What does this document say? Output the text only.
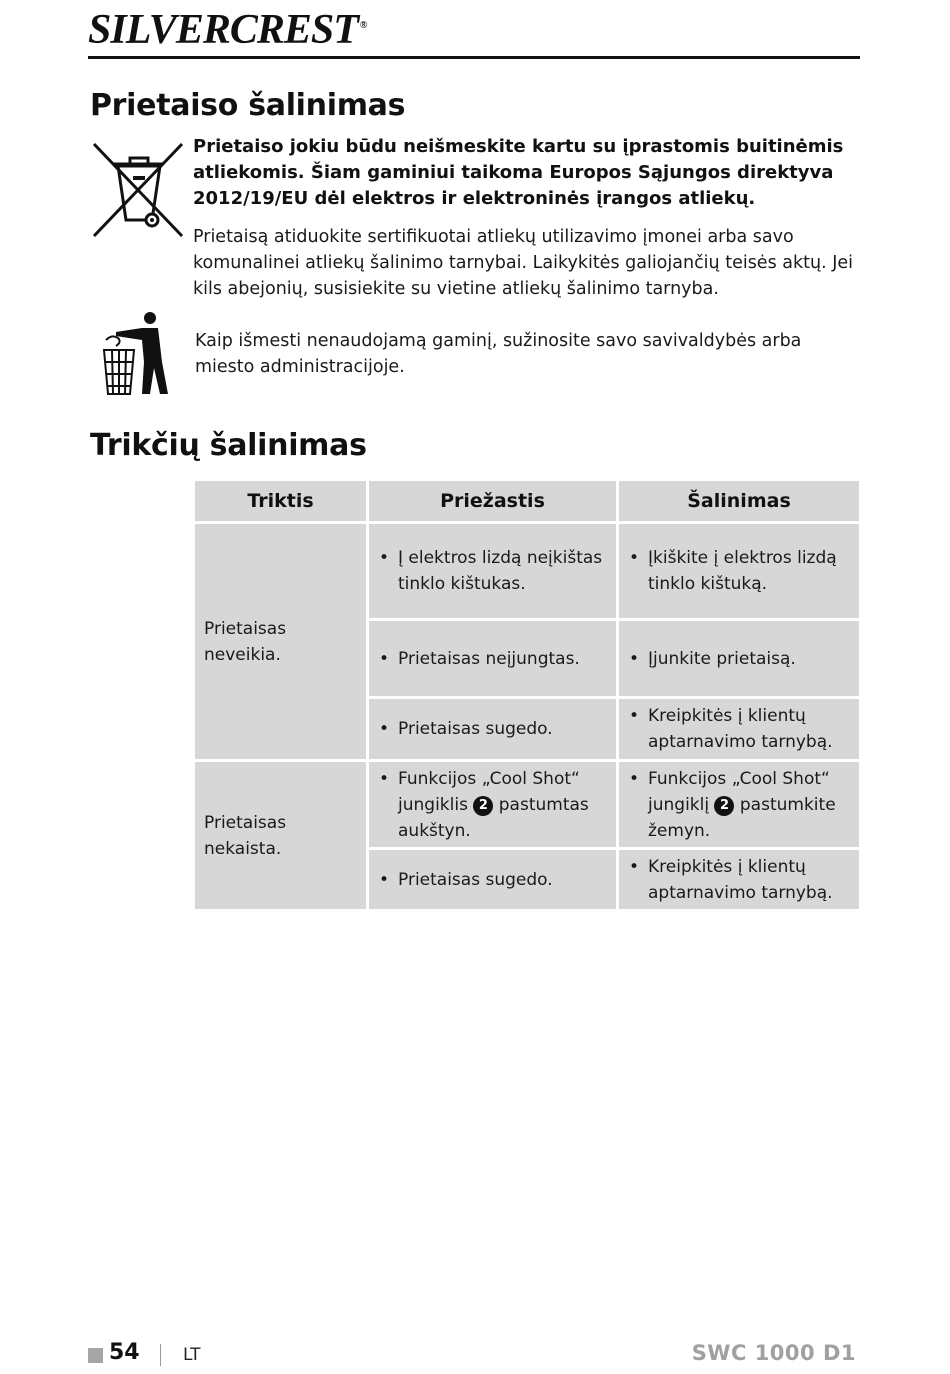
SILVERCREST ®
Prietaiso šalinimas

Prietaiso jokiu būdu neišmeskite kartu su įprastomis buitinėmis atliekomis. Šiam gaminiui taikoma Europos Sąjungos direktyva 2012/19/EU dėl elektros ir elektroninės įrangos atliekų.

Prietaisą atiduokite sertifikuotai atliekų utilizavimo įmonei arba savo komunalinei atliekų šalinimo tarnybai. Laikykitės galiojančių teisės aktų. Jei kils abejonių, susisiekite su vietine atliekų šalinimo tarnyba.

Kaip išmesti nenaudojamą gaminį, sužinosite savo savivaldybės arba miesto administracijoje.

Trikčių šalinimas
Triktis	Priežastis	Šalinimas
Prietaisas neveikia.	• Į elektros lizdą neįkištas tinklo kištukas.	• Įkiškite į elektros lizdą tinklo kištuką.

	• Prietaisas neįjungtas.	• Įjunkite prietaisą.

	• Prietaisas sugedo.	• Kreipkitės į klientų aptarnavimo tarnybą.

Prietaisas nekaista.	• Funkcijos „Cool Shot“ jungiklis 2 pastumtas aukštyn.	• Funkcijos „Cool Shot“ jungiklį 2 pastumkite žemyn.

	• Prietaisas sugedo.	• Kreipkitės į klientų aptarnavimo tarnybą.
54	LT	SWC 1000 D1
